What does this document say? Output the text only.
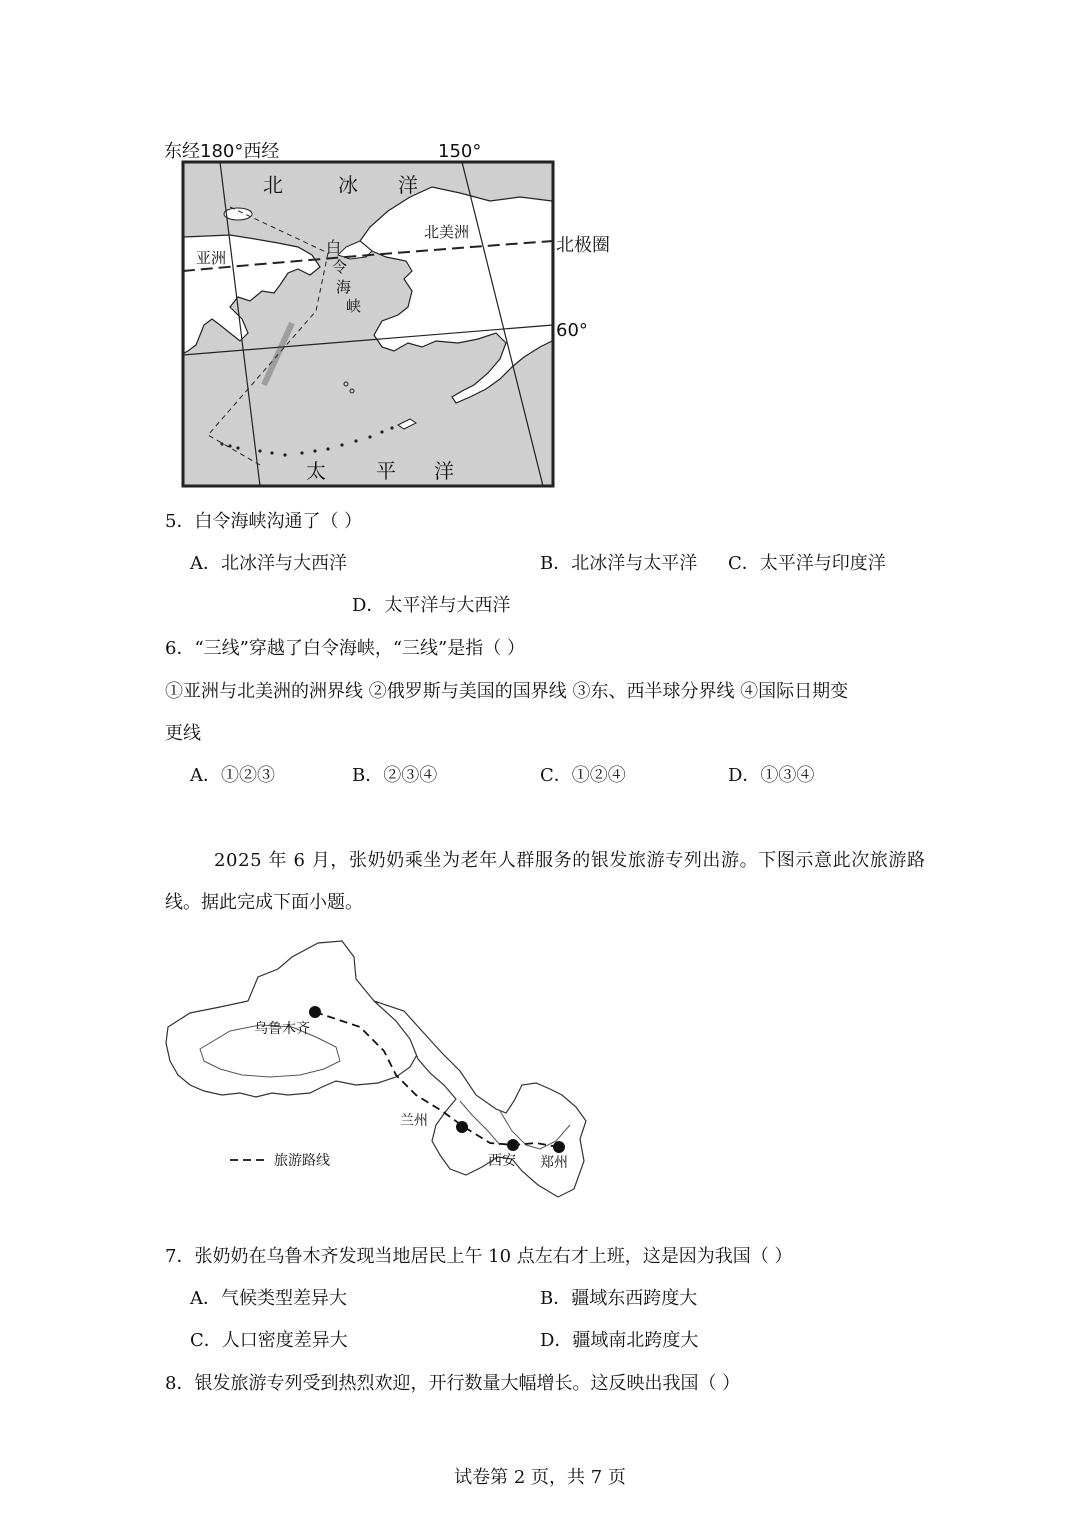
东经180°西经	150°
北	冰 洋
北美洲
北极圈
亚洲
白
令
海
峡
60°
太	平 洋
5．白令海峡沟通了（ ）
A．北冰洋与大西洋	B．北冰洋与太平洋 C．太平洋与印度洋
D．太平洋与大西洋
6．“三线”穿越了白令海峡，“三线”是指（ ）
①亚洲与北美洲的洲界线 ②俄罗斯与美国的国界线 ③东、西半球分界线 ④国际日期变
更线
A．①②③	B．②③④	C．①②④	D．①③④
2025 年 6 月，张奶奶乘坐为老年人群服务的银发旅游专列出游。下图示意此次旅游路
线。据此完成下面小题。
乌鲁木齐
兰州
西安 郑州
旅游路线
7．张奶奶在乌鲁木齐发现当地居民上午 10 点左右才上班，这是因为我国（ ）
A．气候类型差异大	B．疆域东西跨度大
C．人口密度差异大	D．疆域南北跨度大
8．银发旅游专列受到热烈欢迎，开行数量大幅增长。这反映出我国（ ）
试卷第 2 页，共 7 页
